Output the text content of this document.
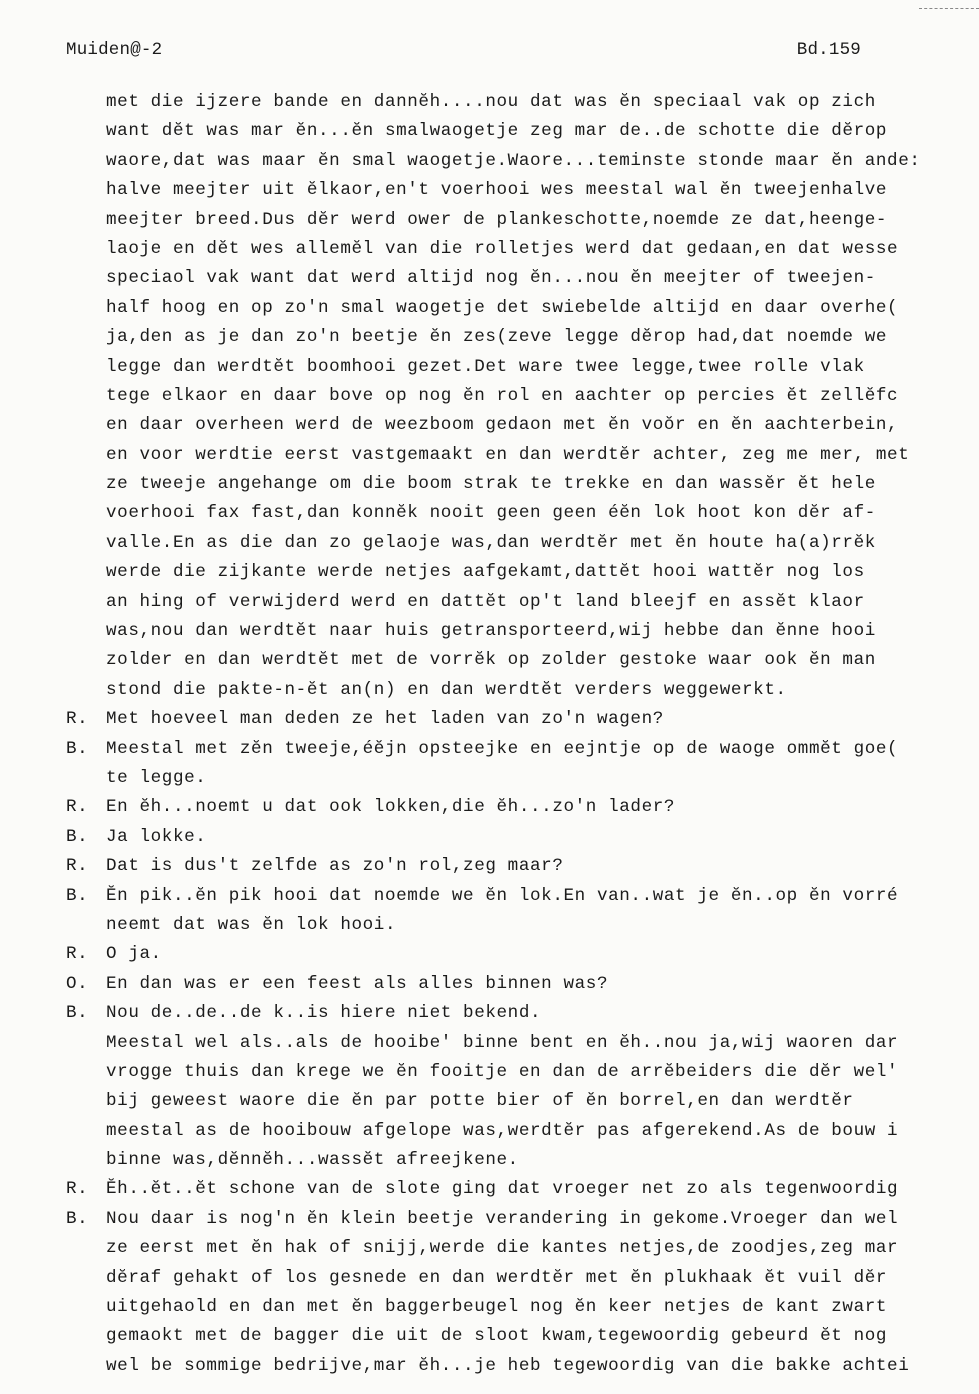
Muiden@-2	Bd.159
met die ijzere bande en dannĕh....nou dat was ĕn speciaal vak op zich
want dĕt was mar ĕn...ĕn smalwaogetje zeg mar de..de schotte die dĕrop
waore,dat was maar ĕn smal waogetje.Waore...teminste stonde maar ĕn ande:
halve meejter uit ĕlkaor,en't voerhooi wes meestal wal ĕn tweejenhalve
meejter breed.Dus dĕr werd ower de plankeschotte,noemde ze dat,heenge-
laoje en dĕt wes allemĕl van die rolletjes werd dat gedaan,en dat wesse
speciaol vak want dat werd altijd nog ĕn...nou ĕn meejter of tweejen-
half hoog en op zo'n smal waogetje det swiebelde altijd en daar overhe(
ja,den as je dan zo'n beetje ĕn zes(zeve legge dĕrop had,dat noemde we
legge dan werdtĕt boomhooi gezet.Det ware twee legge,twee rolle vlak
tege elkaor en daar bove op nog ĕn rol en aachter op percies ĕt zellĕfc
en daar overheen werd de weezboom gedaon met ĕn voŏr en ĕn aachterbein,
en voor werdtie eerst vastgemaakt en dan werdtĕr achter, zeg me mer, met
ze tweeje angehange om die boom strak te trekke en dan wassĕr ĕt hele
voerhooi fax fast,dan konnĕk nooit geen geen éĕn lok hoot kon dĕr af-
valle.En as die dan zo gelaoje was,dan werdtĕr met ĕn houte ha(a)rrĕk
werde die zijkante werde netjes aafgekamt,dattĕt hooi wattĕr nog los
an hing of verwijderd werd en dattĕt op't land bleejf en assĕt klaor
was,nou dan werdtĕt naar huis getransporteerd,wij hebbe dan ĕnne hooi
zolder en dan werdtĕt met de vorrĕk op zolder gestoke waar ook ĕn man
stond die pakte-n-ĕt an(n) en dan werdtĕt verders weggewerkt.
R.	Met hoeveel man deden ze het laden van zo'n wagen?
B.	Meestal met zĕn tweeje,éĕjn opsteejke en eejntje op de waoge ommĕt goe(
te legge.
R.	En ĕh...noemt u dat ook lokken,die ĕh...zo'n lader?
B.	Ja lokke.
R.	Dat is dus't zelfde as zo'n rol,zeg maar?
B.	Ĕn pik..ĕn pik hooi dat noemde we ĕn lok.En van..wat je ĕn..op ĕn vorré
neemt dat was ĕn lok hooi.
R.	O ja.
O.	En dan was er een feest als alles binnen was?
B.	Nou de..de..de k..is hiere niet bekend.
Meestal wel als..als de hooibe' binne bent en ĕh..nou ja,wij waoren dar
vrogge thuis dan krege we ĕn fooitje en dan de arrĕbeiders die dĕr wel'
bij geweest waore die ĕn par potte bier of ĕn borrel,en dan werdtĕr
meestal as de hooibouw afgelope was,werdtĕr pas afgerekend.As de bouw i
binne was,dĕnnĕh...wassĕt afreejkene.
R.	Ĕh..ĕt..ĕt schone van de slote ging dat vroeger net zo als tegenwoordig
B.	Nou daar is nog'n ĕn klein beetje verandering in gekome.Vroeger dan wel
ze eerst met ĕn hak of snijj,werde die kantes netjes,de zoodjes,zeg mar
dĕraf gehakt of los gesnede en dan werdtĕr met ĕn plukhaak ĕt vuil dĕr
uitgehaold en dan met ĕn baggerbeugel nog ĕn keer netjes de kant zwart
gemaokt met de bagger die uit de sloot kwam,tegewoordig gebeurd ĕt nog
wel be sommige bedrijve,mar ĕh...je heb tegewoordig van die bakke achtei
